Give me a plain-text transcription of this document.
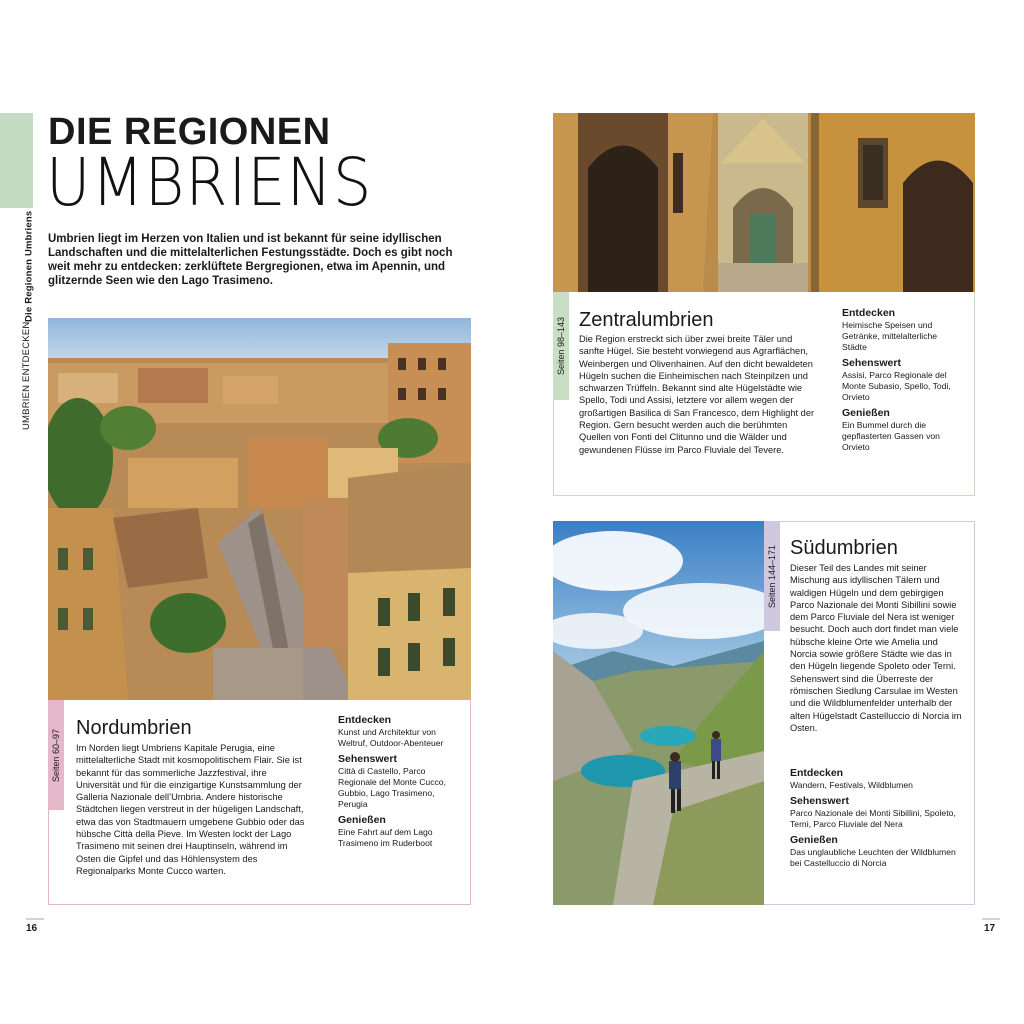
UMBRIEN ENTDECKEN
Die Regionen Umbriens
DIE REGIONEN
UMBRIENS

Umbrien liegt im Herzen von Italien und ist bekannt für seine idyllischen Landschaften und die mittelalterlichen Festungsstädte. Doch es gibt noch weit mehr zu entdecken: zerklüftete Bergregionen, etwa im Apennin, und glitzernde Seen wie den Lago Trasimeno.

Seiten 60–97
Nordumbrien

Im Norden liegt Umbriens Kapitale Perugia, eine mittelalterliche Stadt mit kosmopolitischem Flair. Sie ist bekannt für das sommerliche Jazzfestival, ihre Universität und für die einzigartige Kunstsammlung der Galleria Nazionale dell’Umbria. Andere historische Städtchen liegen verstreut in der hügeligen Landschaft, etwa das von Stadtmauern umgebene Gubbio oder das hübsche Città della Pieve. Im Westen lockt der Lago Trasimeno mit seinen drei Hauptinseln, während im Osten die Gipfel und das Höhlensystem des Regionalparks Monte Cucco warten.

Entdecken

Kunst und Architektur von Weltruf, Outdoor-Abenteuer

Sehenswert

Città di Castello, Parco Regionale del Monte Cucco, Gubbio, Lago Trasimeno, Perugia

Genießen

Eine Fahrt auf dem Lago Trasimeno im Ruderboot

16
Seiten 98–143 Zentralumbrien

Die Region erstreckt sich über zwei breite Täler und sanfte Hügel. Sie besteht vorwiegend aus Agrarflächen, Weinbergen und Olivenhainen. Auf den dicht bewaldeten Hügeln suchen die Einheimischen nach Steinpilzen und schwarzen Trüffeln. Bekannt sind alte Hügelstädte wie Spello, Todi und Assisi, letztere vor allem wegen der großartigen Basilica di San Francesco, dem Highlight der Region. Gern besucht werden auch die berühmten Quellen von Fonti del Clitunno und die Wälder und gewundenen Flüsse im Parco Fluviale del Tevere.

Entdecken

Heimische Speisen und Getränke, mittelalterliche Städte

Sehenswert

Assisi, Parco Regionale del Monte Subasio, Spello, Todi, Orvieto

Genießen

Ein Bummel durch die gepflasterten Gassen von Orvieto

Seiten 144–171 Südumbrien

Dieser Teil des Landes mit seiner Mischung aus idyllischen Tälern und waldigen Hügeln und dem gebirgigen Parco Nazionale dei Monti Sibillini sowie dem Parco Fluviale del Nera ist weniger besucht. Doch auch dort findet man viele hübsche kleine Orte wie Amelia und Norcia sowie größere Städte wie das in den Hügeln liegende Spoleto oder Terni. Sehenswert sind die Überreste der römischen Siedlung Carsulae im Westen und die Wildblumenfelder unterhalb der alten Hügelstadt Castelluccio di Norcia im Osten.

Entdecken

Wandern, Festivals, Wildblumen

Sehenswert

Parco Nazionale dei Monti Sibillini, Spoleto, Terni, Parco Fluviale del Nera

Genießen

Das unglaubliche Leuchten der Wildblumen bei Castelluccio di Norcia

17
